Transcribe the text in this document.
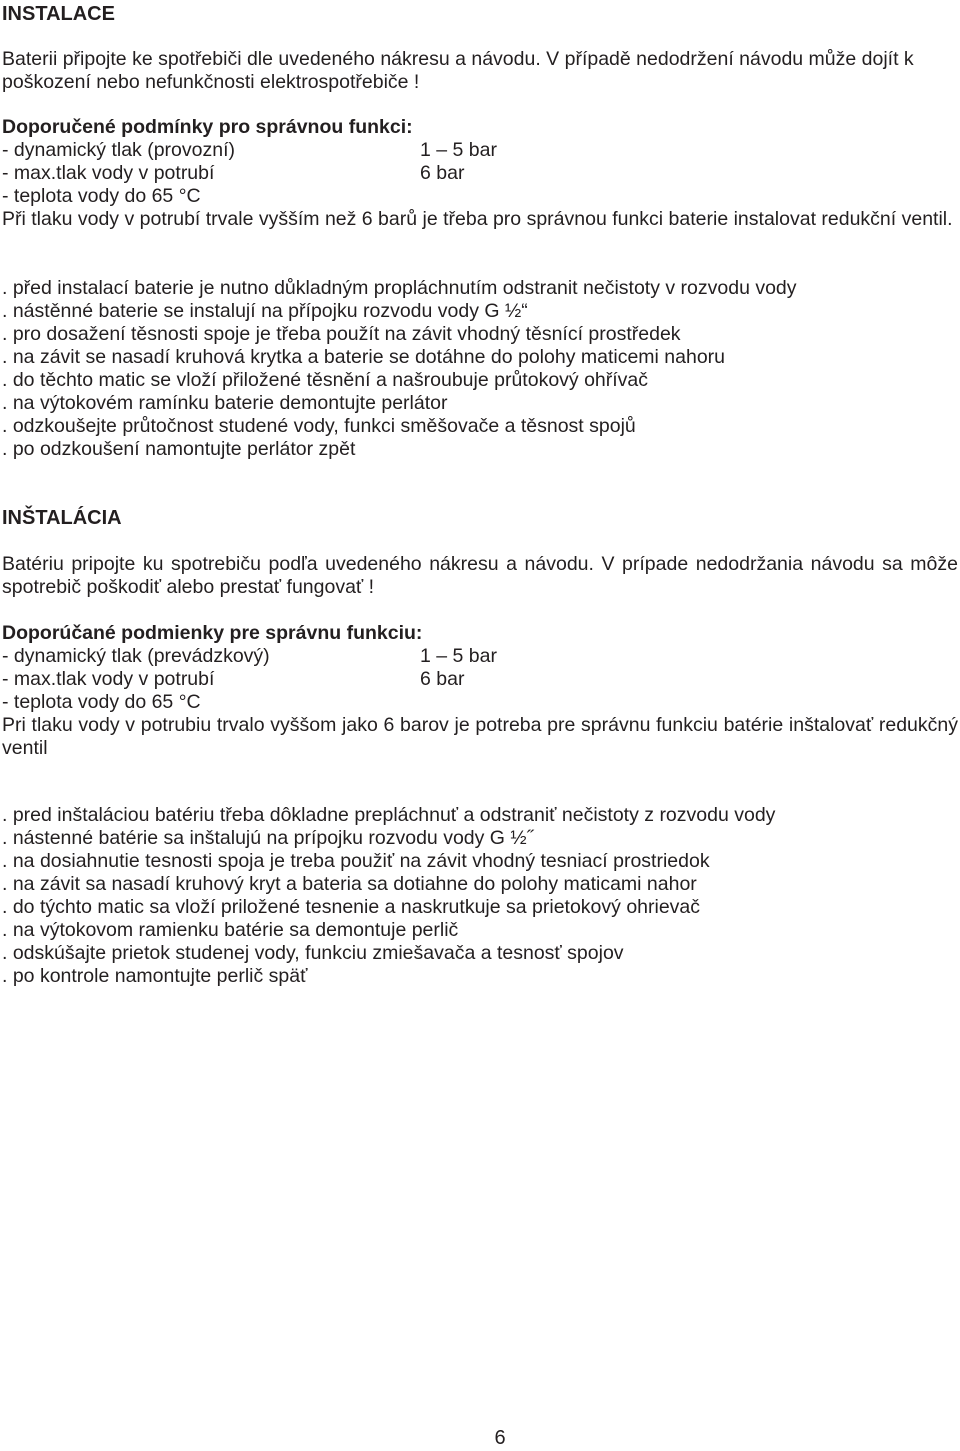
INSTALACE

Baterii připojte ke spotřebiči dle uvedeného nákresu a návodu. V případě nedodržení návodu může dojít k poškození nebo nefunkčnosti elektrospotřebiče !

Doporučené podmínky pro správnou funkci:

- dynamický tlak (provozní)	1 – 5 bar
- max.tlak vody v potrubí	6 bar
- teplota vody do 65 °C

Při tlaku vody v potrubí trvale vyšším než 6 barů je třeba pro správnou funkci baterie instalovat redukční ventil.

. před instalací baterie je nutno důkladným propláchnutím odstranit nečistoty v rozvodu vody
. nástěnné baterie se instalují na přípojku rozvodu vody G ½“
. pro dosažení těsnosti spoje je třeba použít na závit vhodný těsnící prostředek
. na závit se nasadí kruhová krytka a baterie se dotáhne do polohy maticemi nahoru
. do těchto matic se vloží přiložené těsnění a našroubuje průtokový ohřívač
. na výtokovém ramínku baterie demontujte perlátor
. odzkoušejte průtočnost studené vody, funkci směšovače a těsnost spojů
. po odzkoušení namontujte perlátor zpět
INŠTALÁCIA

Batériu pripojte ku spotrebiču podľa uvedeného nákresu a návodu. V prípade nedodržania návodu sa môže spotrebič poškodiť alebo prestať fungovať !

Doporúčané podmienky pre správnu funkciu:

- dynamický tlak (prevádzkový)	1 – 5 bar
- max.tlak vody v potrubí	6 bar
- teplota vody do 65 °C

Pri tlaku vody v potrubiu trvalo vyššom jako 6 barov je potreba pre správnu funkciu batérie inštalovať redukčný ventil

. pred inštaláciou batériu třeba dôkladne prepláchnuť a odstraniť nečistoty z rozvodu vody
. nástenné batérie sa inštalujú na prípojku rozvodu vody G ½˝
. na dosiahnutie tesnosti spoja je treba použiť na závit vhodný tesniací prostriedok
. na závit sa nasadí kruhový kryt a bateria sa dotiahne do polohy maticami nahor
. do týchto matic sa vloží priložené tesnenie a naskrutkuje sa prietokový ohrievač
. na výtokovom ramienku batérie sa demontuje perlič
. odskúšajte prietok studenej vody, funkciu zmiešavača a tesnosť spojov
. po kontrole namontujte perlič späť
6
